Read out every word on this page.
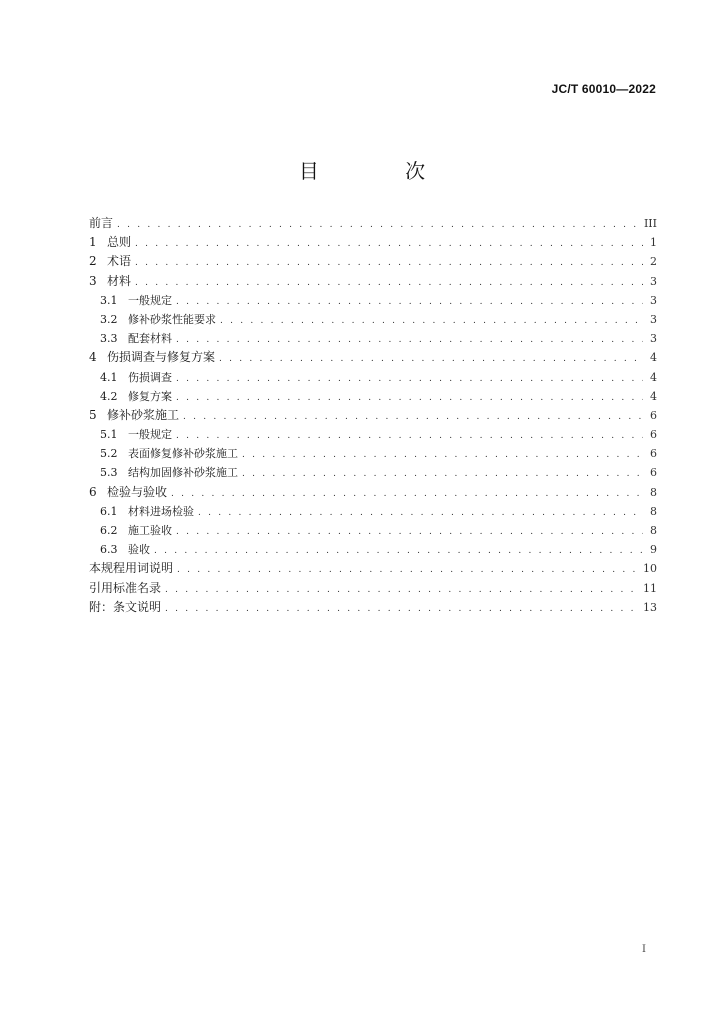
JC/T 60010—2022
目 次
前言 . . .	III
1 总则 . . .	1
2 术语 . . .	2
3 材料 . . .	3
3.1 一般规定 . . .	3
3.2 修补砂浆性能要求 . . .	3
3.3 配套材料 . . .	3
4 伤损调查与修复方案 . . .	4
4.1 伤损调查 . . .	4
4.2 修复方案 . . .	4
5 修补砂浆施工 . . .	6
5.1 一般规定 . . .	6
5.2 表面修复修补砂浆施工 . . .	6
5.3 结构加固修补砂浆施工 . . .	6
6 检验与验收 . . .	8
6.1 材料进场检验 . . .	8
6.2 施工验收 . . .	8
6.3 验收 . . .	9
本规程用词说明 . . .	10
引用标准名录 . . .	11
附：条文说明 . . .	13
I
